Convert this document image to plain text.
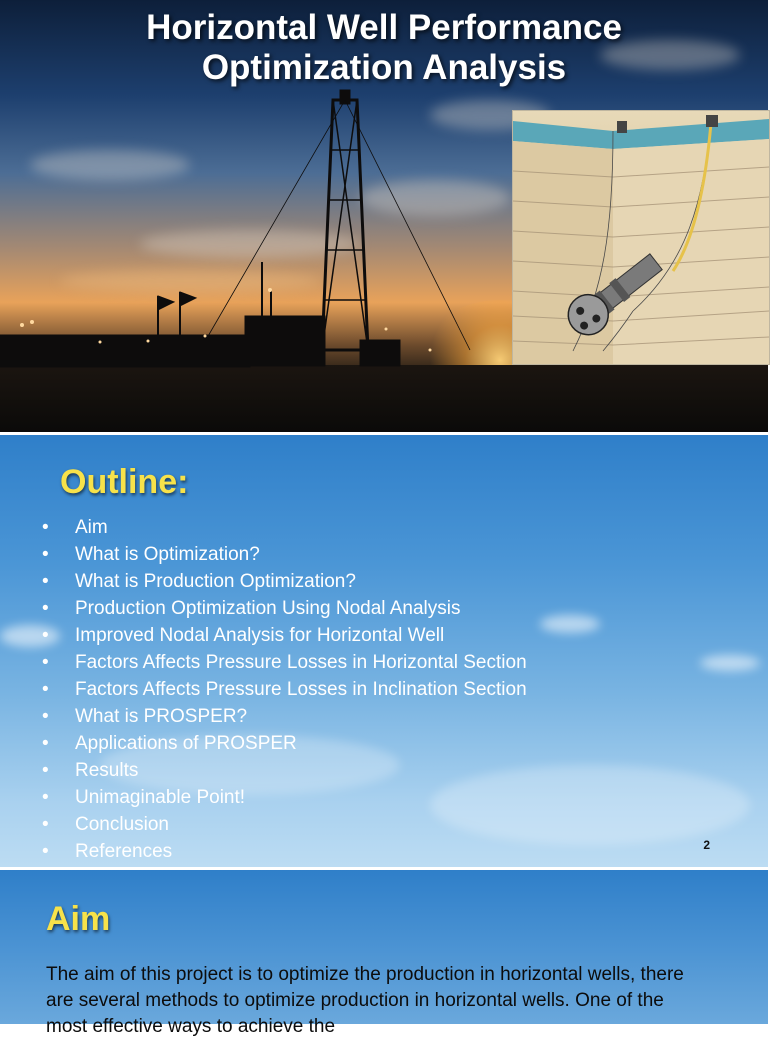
Horizontal Well Performance
Optimization Analysis
Outline:
• Aim
• What is Optimization?
• What is Production Optimization?
• Production Optimization Using Nodal Analysis
• Improved Nodal Analysis for Horizontal Well
• Factors Affects Pressure Losses in Horizontal Section
• Factors Affects Pressure Losses in Inclination Section
• What is PROSPER?
• Applications of PROSPER
• Results
• Unimaginable Point!
• Conclusion
• References	2
Aim
The aim of this project is to optimize the production in horizontal wells, there are several methods to optimize production in horizontal wells. One of the most effective ways to achieve the
